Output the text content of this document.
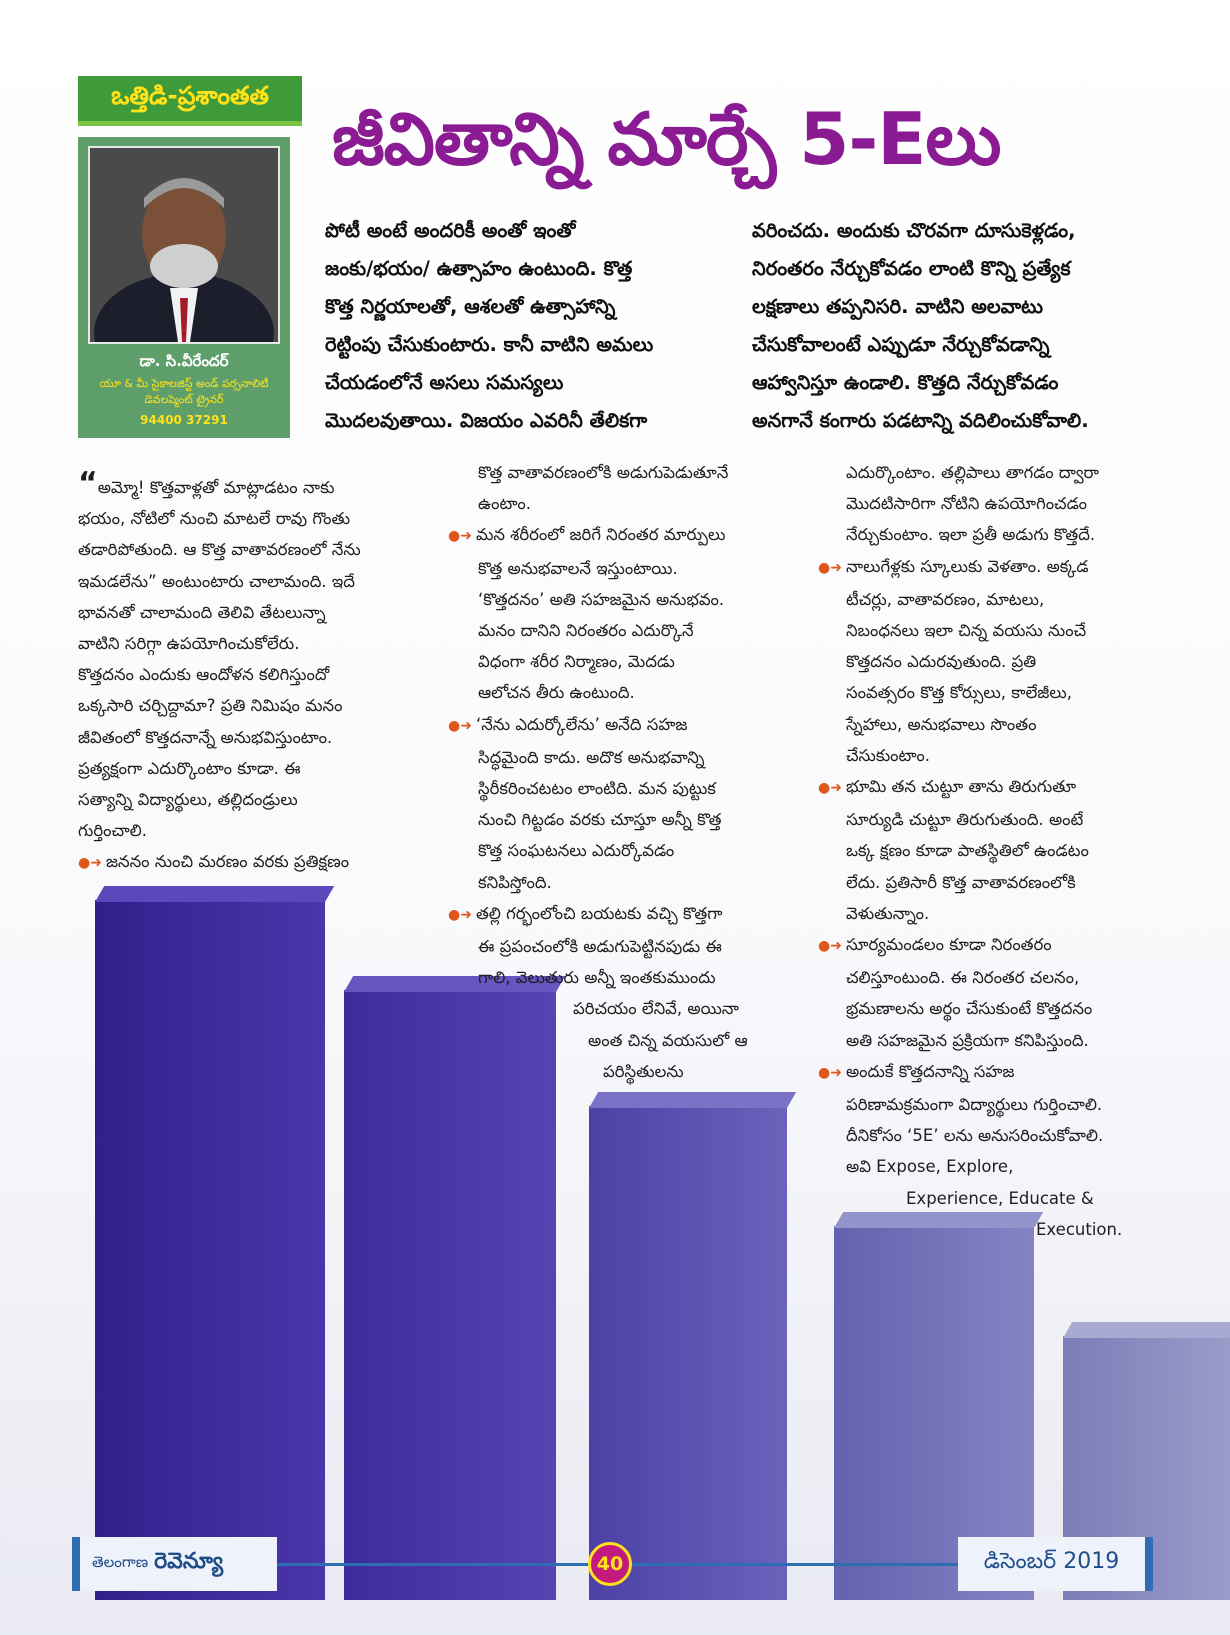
ఒత్తిడి-ప్రశాంతత
జీవితాన్ని మార్చే 5-Eలు
డా. సి.వీరేందర్
యూ & మీ సైకాలజిస్ట్ అండ్ పర్సనాలిటీ
డెవలప్మెంట్ ట్రైనర్
94400 37291

పోటీ అంటే అందరికీ అంతో ఇంతో

జంకు/భయం/ ఉత్సాహం ఉంటుంది. కొత్త

కొత్త నిర్ణయాలతో, ఆశలతో ఉత్సాహాన్ని

రెట్టింపు చేసుకుంటారు. కానీ వాటిని అమలు

చేయడంలోనే అసలు సమస్యలు

మొదలవుతాయి. విజయం ఎవరినీ తేలికగా

వరించదు. అందుకు చొరవగా దూసుకెళ్లడం,

నిరంతరం నేర్చుకోవడం లాంటి కొన్ని ప్రత్యేక

లక్షణాలు తప్పనిసరి. వాటిని అలవాటు

చేసుకోవాలంటే ఎప్పుడూ నేర్చుకోవడాన్ని

ఆహ్వానిస్తూ ఉండాలి. కొత్తది నేర్చుకోవడం

అనగానే కంగారు పడటాన్ని వదిలించుకోవాలి.

“అమ్మో! కొత్తవాళ్లతో మాట్లాడటం నాకు

భయం, నోటిలో నుంచి మాటలే రావు గొంతు

తడారిపోతుంది. ఆ కొత్త వాతావరణంలో నేను

ఇమడలేను” అంటుంటారు చాలామంది. ఇదే

భావనతో చాలామంది తెలివి తేటలున్నా

వాటిని సరిగ్గా ఉపయోగించుకోలేరు.

కొత్తదనం ఎందుకు ఆందోళన కలిగిస్తుందో

ఒక్కసారి చర్చిద్దామా? ప్రతి నిమిషం మనం

జీవితంలో కొత్తదనాన్నే అనుభవిస్తుంటాం.

ప్రత్యక్షంగా ఎదుర్కొంటాం కూడా. ఈ

సత్యాన్ని విద్యార్థులు, తల్లిదండ్రులు

గుర్తించాలి.

●➜ జననం నుంచి మరణం వరకు ప్రతిక్షణం

కొత్త వాతావరణంలోకి అడుగుపెడుతూనే

ఉంటాం.

●➜ మన శరీరంలో జరిగే నిరంతర మార్పులు

కొత్త అనుభవాలనే ఇస్తుంటాయి.

‘కొత్తదనం’ అతి సహజమైన అనుభవం.

మనం దానిని నిరంతరం ఎదుర్కొనే

విధంగా శరీర నిర్మాణం, మెదడు

ఆలోచన తీరు ఉంటుంది.

●➜ ‘నేను ఎదుర్కోలేను’ అనేది సహజ

సిద్ధమైంది కాదు. అదొక అనుభవాన్ని

స్థిరీకరించటటం లాంటిది. మన పుట్టుక

నుంచి గిట్టడం వరకు చూస్తూ అన్నీ కొత్త

కొత్త సంఘటనలు ఎదుర్కోవడం

కనిపిస్తోంది.

●➜ తల్లి గర్భంలోంచి బయటకు వచ్చి కొత్తగా

ఈ ప్రపంచంలోకి అడుగుపెట్టినపుడు ఈ

గాలి, వెలుతురు అన్నీ ఇంతకుముందు

పరిచయం లేనివే, అయినా

అంత చిన్న వయసులో ఆ

పరిస్థితులను

ఎదుర్కొంటాం. తల్లిపాలు తాగడం ద్వారా

మొదటిసారిగా నోటిని ఉపయోగించడం

నేర్చుకుంటాం. ఇలా ప్రతీ అడుగు కొత్తదే.

●➜ నాలుగేళ్లకు స్కూలుకు వెళతాం. అక్కడ

టీచర్లు, వాతావరణం, మాటలు,

నిబంధనలు ఇలా చిన్న వయసు నుంచే

కొత్తదనం ఎదురవుతుంది. ప్రతి

సంవత్సరం కొత్త కోర్సులు, కాలేజీలు,

స్నేహాలు, అనుభవాలు సొంతం

చేసుకుంటాం.

●➜ భూమి తన చుట్టూ తాను తిరుగుతూ

సూర్యుడి చుట్టూ తిరుగుతుంది. అంటే

ఒక్క క్షణం కూడా పాతస్థితిలో ఉండటం

లేదు. ప్రతిసారీ కొత్త వాతావరణంలోకి

వెళుతున్నాం.

●➜ సూర్యమండలం కూడా నిరంతరం

చలిస్తూంటుంది. ఈ నిరంతర చలనం,

భ్రమణాలను అర్థం చేసుకుంటే కొత్తదనం

అతి సహజమైన ప్రక్రియగా కనిపిస్తుంది.

●➜ అందుకే కొత్తదనాన్ని సహజ

పరిణామక్రమంగా విద్యార్థులు గుర్తించాలి.

దీనికోసం ‘5E’ లను అనుసరించుకోవాలి.

అవి Expose, Explore,

Experience, Educate &

Execution.

తెలంగాణ రెవెన్యూ	40	డిసెంబర్ 2019
